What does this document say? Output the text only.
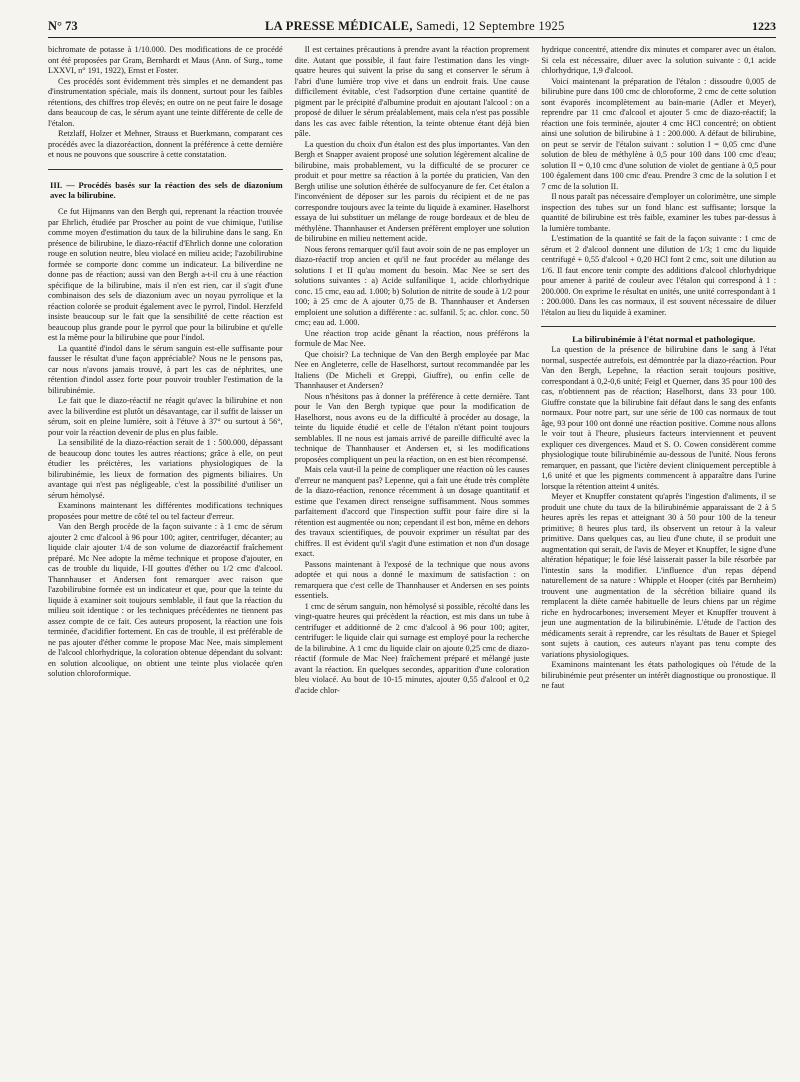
N° 73	LA PRESSE MÉDICALE, Samedi, 12 Septembre 1925	1223

bichromate de potasse à 1/10.000. Des modifications de ce procédé ont été proposées par Gram, Bernhardt et Maus (Ann. of Surg., tome LXXVI, n° 191, 1922), Ernst et Foster.

Ces procédés sont évidemment très simples et ne demandent pas d'instrumentation spéciale, mais ils donnent, surtout pour les faibles rétentions, des chiffres trop élevés; en outre on ne peut faire le dosage dans beaucoup de cas, le sérum ayant une teinte différente de celle de l'étalon.

Retzlaff, Holzer et Mehner, Strauss et Buerkmann, comparant ces procédés avec la diazoréaction, donnent la préférence à cette dernière et nous ne pouvons que souscrire à cette constatation.

III. — Procédés basés sur la réaction des sels de diazonium avec la bilirubine.

Ce fut Hijmanns van den Bergh qui, reprenant la réaction trouvée par Ehrlich, étudiée par Proscher au point de vue chimique, l'utilise comme moyen d'estimation du taux de la bilirubine dans le sang. En présence de bilirubine, le diazo-réactif d'Ehrlich donne une coloration rouge en solution neutre, bleu violacé en milieu acide; l'azobilirubine formée se comporte donc comme un indicateur. La biliverdine ne donne pas de réaction; aussi van den Bergh a-t-il cru à une réaction spécifique de la bilirubine, mais il n'en est rien, car il s'agit d'une combinaison des sels de diazonium avec un noyau pyrrolique et la réaction colorée se produit également avec le pyrrol, l'indol. Herzfeld insiste beaucoup sur le fait que la sensibilité de cette réaction est beaucoup plus grande pour le pyrrol que pour la bilirubine et qu'elle est la même pour la bilirubine que pour l'indol.

La quantité d'indol dans le sérum sanguin est-elle suffisante pour fausser le résultat d'une façon appréciable? Nous ne le pensons pas, car nous n'avons jamais trouvé, à part les cas de néphrites, une rétention d'indol assez forte pour pouvoir troubler l'estimation de la bilirubinémie.

Le fait que le diazo-réactif ne réagit qu'avec la bilirubine et non avec la biliverdine est plutôt un désavantage, car il suffit de laisser un sérum, soit en pleine lumière, soit à l'étuve à 37° ou surtout à 56°, pour voir la réaction devenir de plus en plus faible.

La sensibilité de la diazo-réaction serait de 1 : 500.000, dépassant de beaucoup donc toutes les autres réactions; grâce à elle, on peut étudier les préictères, les variations physiologiques de la bilirubinémie, les lieux de formation des pigments biliaires. Un avantage qui n'est pas négligeable, c'est la possibilité d'utiliser un sérum hémolysé.

Examinons maintenant les différentes modifications techniques proposées pour mettre de côté tel ou tel facteur d'erreur.

Van den Bergh procède de la façon suivante : à 1 cmc de sérum ajouter 2 cmc d'alcool à 96 pour 100; agiter, centrifuger, décanter; au liquide clair ajouter 1/4 de son volume de diazoréactif fraîchement préparé. Mc Nee adopte la même technique et propose d'ajouter, en cas de trouble du liquide, I-II gouttes d'éther ou 1/2 cmc d'alcool. Thannhauser et Andersen font remarquer avec raison que l'azobilirubine formée est un indicateur et que, pour que la teinte du liquide à examiner soit toujours semblable, il faut que la réaction du milieu soit identique : or les techniques précédentes ne tiennent pas assez compte de ce fait. Ces auteurs proposent, la réaction une fois terminée, d'acidifier fortement. En cas de trouble, il est préférable de ne pas ajouter d'éther comme le propose Mac Nee, mais simplement de l'alcool chlorhydrique, la coloration obtenue dépendant du solvant: en solution alcoolique, on obtient une teinte plus violacée qu'en solution chloroformique.

Il est certaines précautions à prendre avant la réaction proprement dite. Autant que possible, il faut faire l'estimation dans les vingt-quatre heures qui suivent la prise du sang et conserver le sérum à l'abri d'une lumière trop vive et dans un endroit frais. Une cause difficilement évitable, c'est l'adsorption d'une certaine quantité de pigment par le précipité d'albumine produit en ajoutant l'alcool : on a proposé de diluer le sérum préalablement, mais cela n'est pas possible dans les cas avec faible rétention, la teinte obtenue étant déjà bien pâle.

La question du choix d'un étalon est des plus importantes. Van den Bergh et Snapper avaient proposé une solution légèrement alcaline de bilirubine, mais probablement, vu la difficulté de se procurer ce produit et pour mettre sa réaction à la portée du praticien, Van den Bergh utilise une solution éthérée de sulfocyanure de fer. Cet étalon a l'inconvénient de déposer sur les parois du récipient et de ne pas correspondre toujours avec la teinte du liquide à examiner. Haselhorst essaya de lui substituer un mélange de rouge bordeaux et de bleu de méthylène. Thannhauser et Andersen préfèrent employer une solution de bilirubine en milieu nettement acide.

Nous ferons remarquer qu'il faut avoir soin de ne pas employer un diazo-réactif trop ancien et qu'il ne faut procéder au mélange des solutions I et II qu'au moment du besoin. Mac Nee se sert des solutions suivantes : a) Acide sulfanilique 1, acide chlorhydrique conc. 15 cmc, eau ad. 1.000; b) Solution de nitrite de soude à 1/2 pour 100; à 25 cmc de A ajouter 0,75 de B. Thannhauser et Andersen emploient une solution a différente : ac. sulfanil. 5; ac. chlor. conc. 50 cmc; eau ad. 1.000.

Une réaction trop acide gênant la réaction, nous préférons la formule de Mac Nee.

Que choisir? La technique de Van den Bergh employée par Mac Nee en Angleterre, celle de Haselhorst, surtout recommandée par les Italiens (De Micheli et Greppi, Giuffre), ou enfin celle de Thannhauser et Andersen?

Nous n'hésitons pas à donner la préférence à cette dernière. Tant pour le Van den Bergh typique que pour la modification de Haselhorst, nous avons eu de la difficulté à procéder au dosage, la teinte du liquide étudié et celle de l'étalon n'étant point toujours semblables. Il ne nous est jamais arrivé de pareille difficulté avec la technique de Thannhauser et Andersen et, si les modifications proposées compliquent un peu la réaction, on en est bien récompensé.

Mais cela vaut-il la peine de compliquer une réaction où les causes d'erreur ne manquent pas? Lepenne, qui a fait une étude très complète de la diazo-réaction, renonce récemment à un dosage quantitatif et estime que l'examen direct renseigne suffisamment. Nous sommes parfaitement d'accord que l'inspection suffit pour faire dire si la rétention est augmentée ou non; cependant il est bon, même en dehors des travaux scientifiques, de pouvoir exprimer un résultat par des chiffres. Il est évident qu'il s'agit d'une estimation et non d'un dosage exact.

Passons maintenant à l'exposé de la technique que nous avons adoptée et qui nous a donné le maximum de satisfaction : on remarquera que c'est celle de Thannhauser et Andersen en ses points essentiels.

1 cmc de sérum sanguin, non hémolysé si possible, récolté dans les vingt-quatre heures qui précèdent la réaction, est mis dans un tube à centrifuger et additionné de 2 cmc d'alcool à 96 pour 100; agiter, centrifuger: le liquide clair qui surnage est employé pour la recherche de la bilirubine. A 1 cmc du liquide clair on ajoute 0,25 cmc de diazo-réactif (formule de Mac Nee) fraîchement préparé et mélangé juste avant la réaction. En quelques secondes, apparition d'une coloration bleu violacé. Au bout de 10-15 minutes, ajouter 0,55 d'alcool et 0,2 d'acide chlor-

hydrique concentré, attendre dix minutes et comparer avec un étalon. Si cela est nécessaire, diluer avec la solution suivante : 0,1 acide chlorhydrique, 1,9 d'alcool.

Voici maintenant la préparation de l'étalon : dissoudre 0,005 de bilirubine pure dans 100 cmc de chloroforme, 2 cmc de cette solution sont évaporés incomplètement au bain-marie (Adler et Meyer), reprendre par 11 cmc d'alcool et ajouter 5 cmc de diazo-réactif; la réaction une fois terminée, ajouter 4 cmc HCl concentré; on obtient ainsi une solution de bilirubine à 1 : 200.000. A défaut de bilirubine, on peut se servir de l'étalon suivant : solution I = 0,05 cmc d'une solution de bleu de méthylène à 0,5 pour 100 dans 100 cmc d'eau; solution II = 0,10 cmc d'une solution de violet de gentiane à 0,5 pour 100 également dans 100 cmc d'eau. Prendre 3 cmc de la solution I et 7 cmc de la solution II.

Il nous paraît pas nécessaire d'employer un colorimètre, une simple inspection des tubes sur un fond blanc est suffisante; lorsque la quantité de bilirubine est très faible, examiner les tubes par-dessus à la lumière tombante.

L'estimation de la quantité se fait de la façon suivante : 1 cmc de sérum et 2 d'alcool donnent une dilution de 1/3; 1 cmc du liquide centrifugé + 0,55 d'alcool + 0,20 HCl font 2 cmc, soit une dilution au 1/6. Il faut encore tenir compte des additions d'alcool chlorhydrique pour amener à parité de couleur avec l'étalon qui correspond à 1 : 200.000. On exprime le résultat en unités, une unité correspondant à 1 : 200.000. Dans les cas normaux, il est souvent nécessaire de diluer l'étalon au lieu du liquide à examiner.

La bilirubinémie à l'état normal et pathologique.

La question de la présence de bilirubine dans le sang à l'état normal, suspectée autrefois, est démontrée par la diazo-réaction. Pour Van den Bergh, Lepehne, la réaction serait toujours positive, correspondant à 0,2-0,6 unité; Feigl et Querner, dans 35 pour 100 des cas, n'obtiennent pas de réaction; Haselhorst, dans 33 pour 100. Giuffre constate que la bilirubine fait défaut dans le sang des enfants normaux. Pour notre part, sur une série de 100 cas normaux de tout âge, 93 pour 100 ont donné une réaction positive. Comme nous allons le voir tout à l'heure, plusieurs facteurs interviennent et peuvent expliquer ces divergences. Maud et S. O. Cowen considèrent comme physiologique toute bilirubinémie au-dessous de l'unité. Nous ferons remarquer, en passant, que l'ictère devient cliniquement perceptible à 1,6 unité et que les pigments commencent à apparaître dans l'urine lorsque la rétention atteint 4 unités.

Meyer et Knupffer constatent qu'après l'ingestion d'aliments, il se produit une chute du taux de la bilirubinémie apparaissant de 2 à 5 heures après les repas et atteignant 30 à 50 pour 100 de la teneur primitive; 8 heures plus tard, ils observent un retour à la valeur primitive. Dans quelques cas, au lieu d'une chute, il se produit une augmentation qui serait, de l'avis de Meyer et Knupffer, le signe d'une altération hépatique; le foie lésé laisserait passer la bile résorbée par l'intestin sans la modifier. L'influence d'un repas dépend naturellement de sa nature : Whipple et Hooper (cités par Bernheim) trouvent une augmentation de la sécrétion biliaire quand ils remplacent la diète carnée habituelle de leurs chiens par un régime riche en hydrocarbones; inversement Meyer et Knupffer trouvent à jeun une augmentation de la bilirubinémie. L'étude de l'action des médicaments serait à reprendre, car les résultats de Bauer et Spiegel sont sujets à caution, ces auteurs n'ayant pas tenu compte des variations physiologiques.

Examinons maintenant les états pathologiques où l'étude de la bilirubinémie peut présenter un intérêt diagnostique ou pronostique. Il ne faut
